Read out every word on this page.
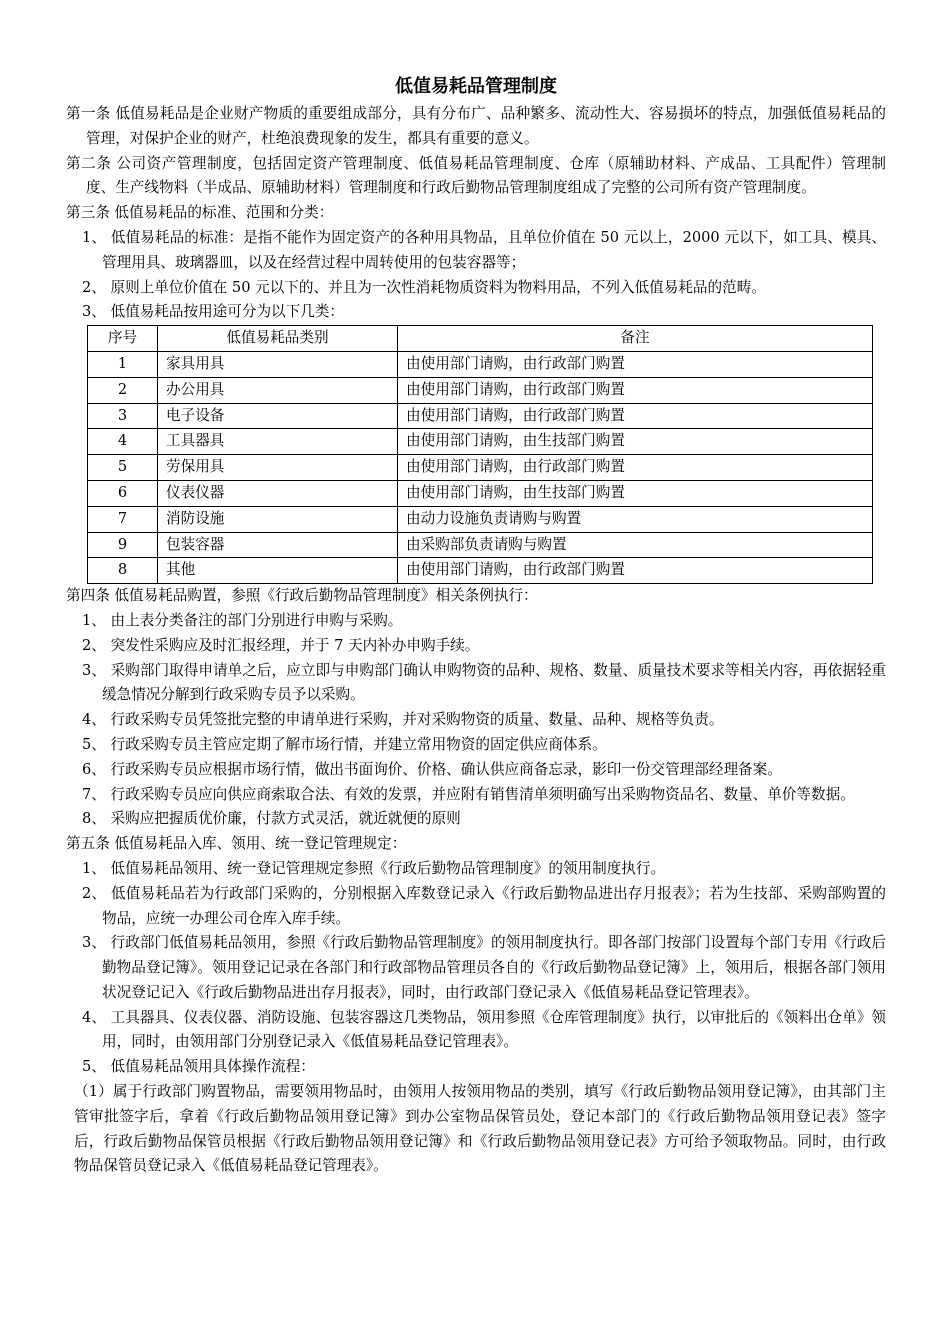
低值易耗品管理制度

第一条 低值易耗品是企业财产物质的重要组成部分，具有分布广、品种繁多、流动性大、容易损坏的特点，加强低值易耗品的管理，对保护企业的财产，杜绝浪费现象的发生，都具有重要的意义。

第二条 公司资产管理制度，包括固定资产管理制度、低值易耗品管理制度、仓库（原辅助材料、产成品、工具配件）管理制度、生产线物料（半成品、原辅助材料）管理制度和行政后勤物品管理制度组成了完整的公司所有资产管理制度。

第三条 低值易耗品的标准、范围和分类：

1、 低值易耗品的标准：是指不能作为固定资产的各种用具物品，且单位价值在 50 元以上，2000 元以下，如工具、模具、管理用具、玻璃器皿，以及在经营过程中周转使用的包装容器等；

2、 原则上单位价值在 50 元以下的、并且为一次性消耗物质资料为物料用品，不列入低值易耗品的范畴。

3、 低值易耗品按用途可分为以下几类：

序号	低值易耗品类别	备注
1	家具用具	由使用部门请购，由行政部门购置
2	办公用具	由使用部门请购，由行政部门购置
3	电子设备	由使用部门请购，由行政部门购置
4	工具器具	由使用部门请购，由生技部门购置
5	劳保用具	由使用部门请购，由行政部门购置
6	仪表仪器	由使用部门请购，由生技部门购置
7	消防设施	由动力设施负责请购与购置
9	包装容器	由采购部负责请购与购置
8	其他	由使用部门请购，由行政部门购置

第四条 低值易耗品购置，参照《行政后勤物品管理制度》相关条例执行：

1、 由上表分类备注的部门分别进行申购与采购。

2、 突发性采购应及时汇报经理，并于 7 天内补办申购手续。

3、 采购部门取得申请单之后，应立即与申购部门确认申购物资的品种、规格、数量、质量技术要求等相关内容，再依据轻重缓急情况分解到行政采购专员予以采购。

4、 行政采购专员凭签批完整的申请单进行采购，并对采购物资的质量、数量、品种、规格等负责。

5、 行政采购专员主管应定期了解市场行情，并建立常用物资的固定供应商体系。

6、 行政采购专员应根据市场行情，做出书面询价、价格、确认供应商备忘录，影印一份交管理部经理备案。

7、 行政采购专员应向供应商索取合法、有效的发票，并应附有销售清单须明确写出采购物资品名、数量、单价等数据。

8、 采购应把握质优价廉，付款方式灵活，就近就便的原则

第五条 低值易耗品入库、领用、统一登记管理规定：

1、 低值易耗品领用、统一登记管理规定参照《行政后勤物品管理制度》的领用制度执行。

2、 低值易耗品若为行政部门采购的，分别根据入库数登记录入《行政后勤物品进出存月报表》；若为生技部、采购部购置的物品，应统一办理公司仓库入库手续。

3、 行政部门低值易耗品领用，参照《行政后勤物品管理制度》的领用制度执行。即各部门按部门设置每个部门专用《行政后勤物品登记簿》。领用登记记录在各部门和行政部物品管理员各自的《行政后勤物品登记簿》上，领用后，根据各部门领用状况登记记入《行政后勤物品进出存月报表》，同时，由行政部门登记录入《低值易耗品登记管理表》。

4、 工具器具、仪表仪器、消防设施、包装容器这几类物品，领用参照《仓库管理制度》执行，以审批后的《领料出仓单》领用，同时，由领用部门分别登记录入《低值易耗品登记管理表》。

5、 低值易耗品领用具体操作流程：

（1）属于行政部门购置物品，需要领用物品时，由领用人按领用物品的类别，填写《行政后勤物品领用登记簿》，由其部门主管审批签字后，拿着《行政后勤物品领用登记簿》到办公室物品保管员处，登记本部门的《行政后勤物品领用登记表》签字后，行政后勤物品保管员根据《行政后勤物品领用登记簿》和《行政后勤物品领用登记表》方可给予领取物品。同时，由行政物品保管员登记录入《低值易耗品登记管理表》。
